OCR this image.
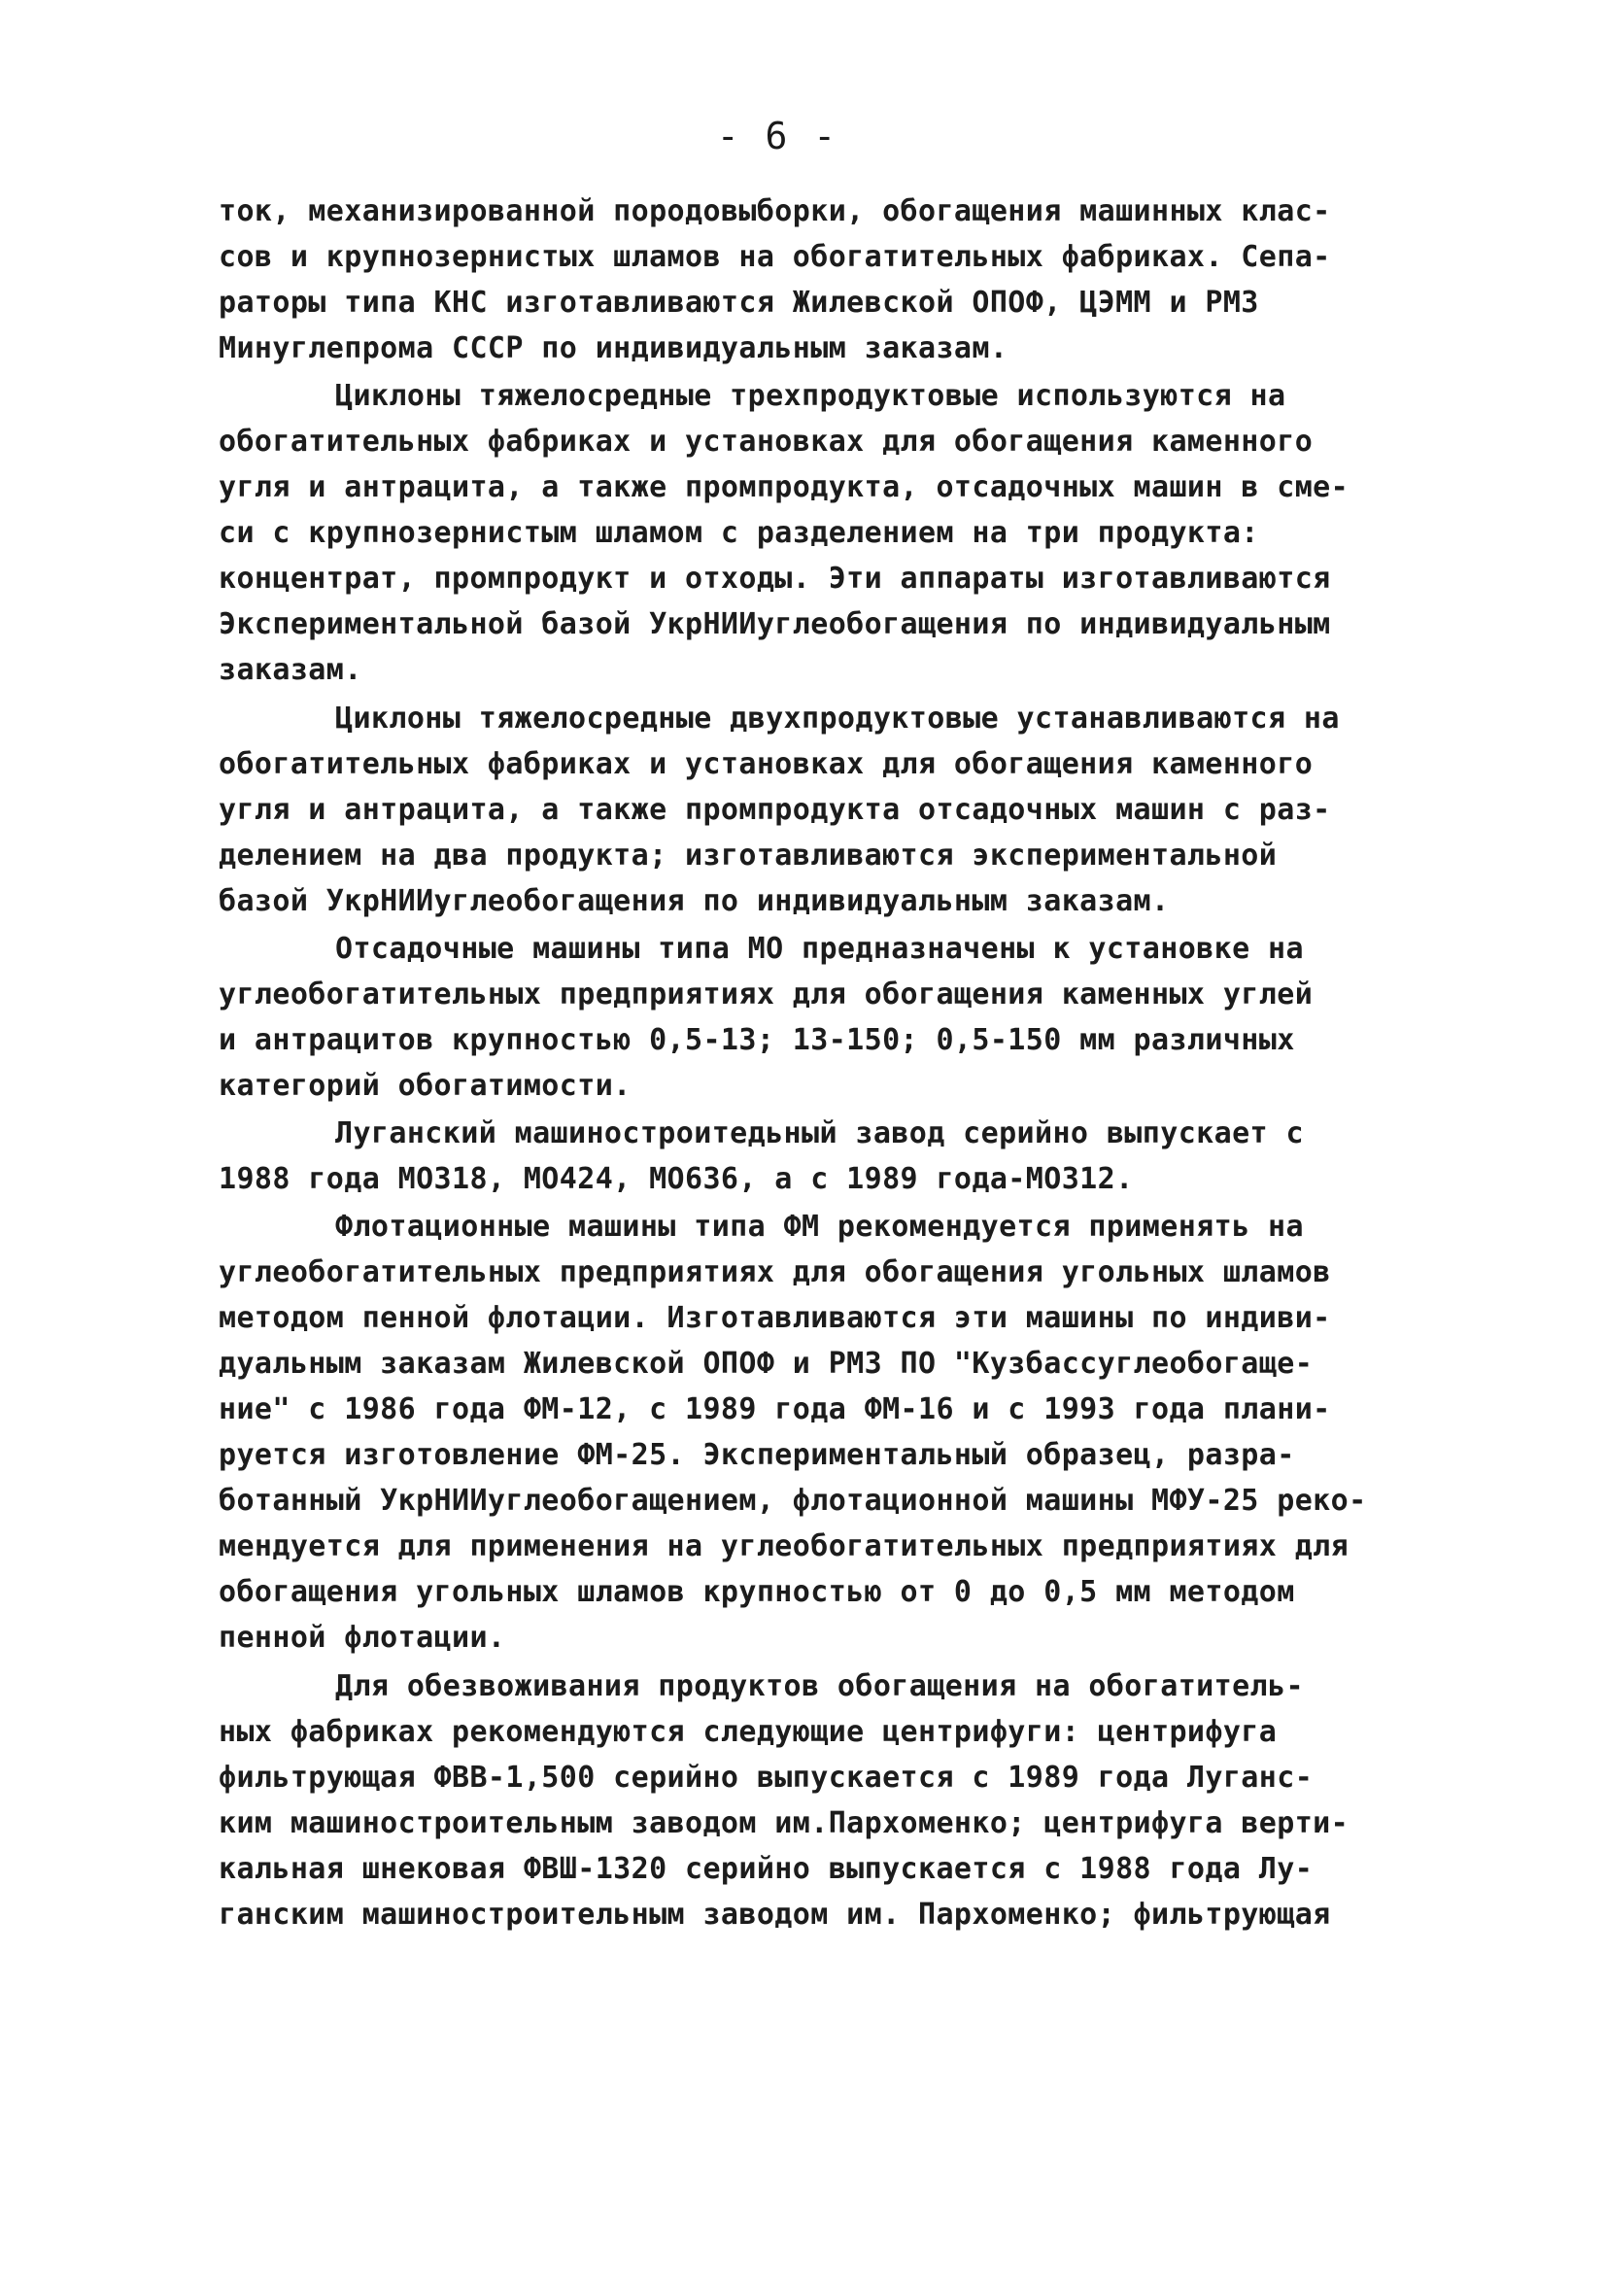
- 6 -
ток, механизированной породовыборки, обогащения машинных клас-
сов и крупнозернистых шламов на обогатительных фабриках. Сепа-
раторы типа КНС изготавливаются Жилевской ОПОФ, ЦЭММ и РМЗ
Минуглепрома СССР по индивидуальным заказам.
Циклоны тяжелосредные трехпродуктовые используются на
обогатительных фабриках и установках для обогащения каменного
угля и антрацита, а также промпродукта, отсадочных машин в сме-
си с крупнозернистым шламом с разделением на три продукта:
концентрат, промпродукт и отходы. Эти аппараты изготавливаются
Экспериментальной базой УкрНИИуглеобогащения по индивидуальным
заказам.
Циклоны тяжелосредные двухпродуктовые устанавливаются на
обогатительных фабриках и установках для обогащения каменного
угля и антрацита, а также промпродукта отсадочных машин с раз-
делением на два продукта; изготавливаются экспериментальной
базой УкрНИИуглеобогащения по индивидуальным заказам.
Отсадочные машины типа МО предназначены к установке на
углеобогатительных предприятиях для обогащения каменных углей
и антрацитов крупностью 0,5-13; 13-150; 0,5-150 мм различных
категорий обогатимости.
Луганский машиностроитедьный завод серийно выпускает с
1988 года МО318, МО424, МО636, а с 1989 года-МО312.
Флотационные машины типа ФМ рекомендуется применять на
углеобогатительных предприятиях для обогащения угольных шламов
методом пенной флотации. Изготавливаются эти машины по индиви-
дуальным заказам Жилевской ОПОФ и РМЗ ПО "Кузбассуглеобогаще-
ние" с 1986 года ФМ-12, с 1989 года ФМ-16 и с 1993 года плани-
руется изготовление ФМ-25. Экспериментальный образец, разра-
ботанный УкрНИИуглеобогащением, флотационной машины МФУ-25 реко-
мендуется для применения на углеобогатительных предприятиях для
обогащения угольных шламов крупностью от 0 до 0,5 мм методом
пенной флотации.
Для обезвоживания продуктов обогащения на обогатитель-
ных фабриках рекомендуются следующие центрифуги: центрифуга
фильтрующая ФВВ-1,500 серийно выпускается с 1989 года Луганс-
ким машиностроительным заводом им.Пархоменко; центрифуга верти-
кальная шнековая ФВШ-1320 серийно выпускается с 1988 года Лу-
ганским машиностроительным заводом им. Пархоменко; фильтрующая
